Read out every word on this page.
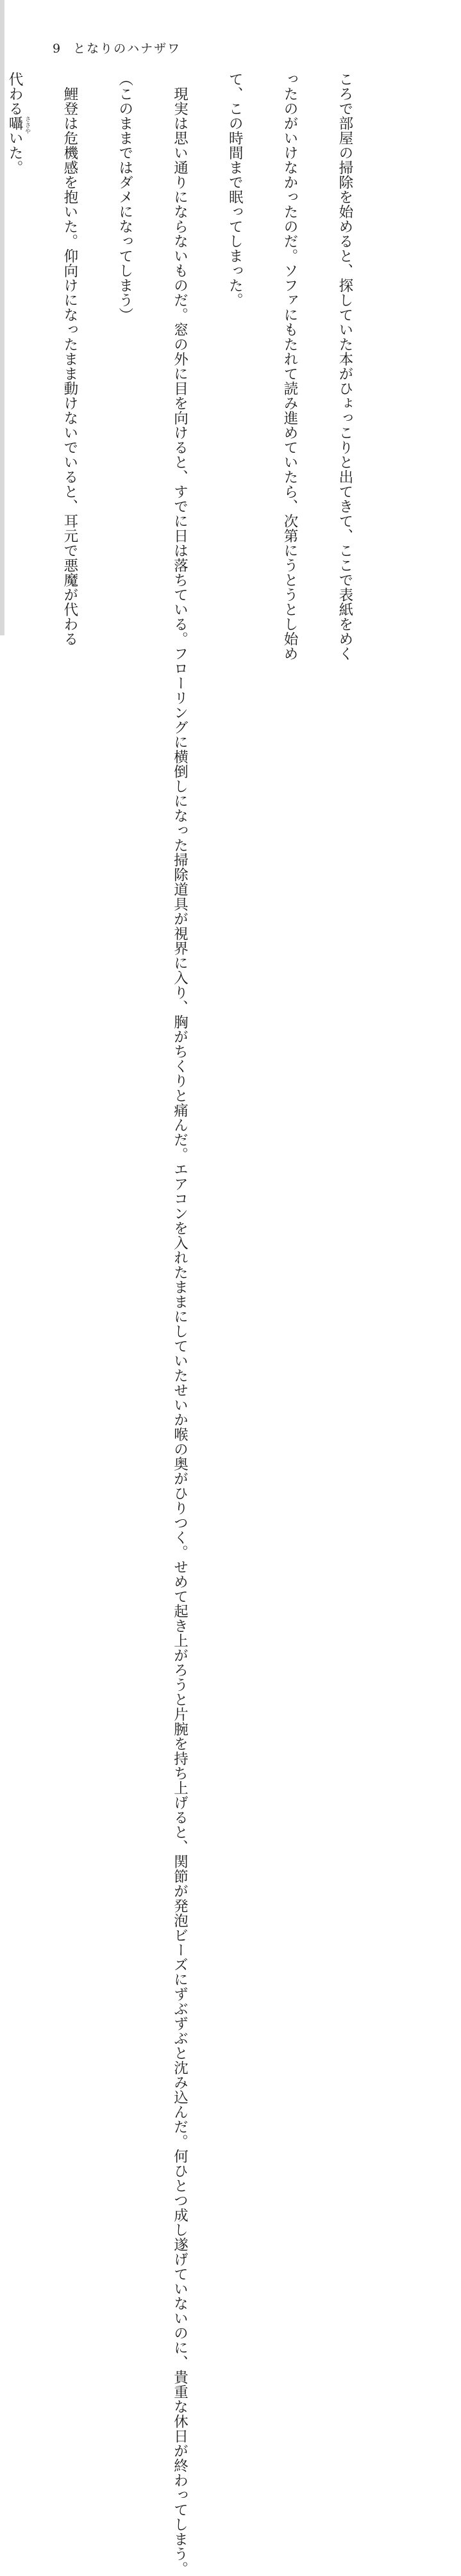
9 となりのハナザワ

ころで部屋の掃除を始めると、探していた本がひょっこりと出てきて、ここで表紙をめく

ったのがいけなかったのだ。ソファにもたれて読み進めていたら、次第にうとうとし始め

て、この時間まで眠ってしまった。

現実は思い通りにならないものだ。窓の外に目を向けると、すでに日は落ちている。フローリングに横倒しになった掃除道具が視界に入り、胸がちくりと痛んだ。エアコンを入れたままにしていたせいか喉の奥がひりつく。せめて起き上がろうと片腕を持ち上げると、関節が発泡ビーズにずぶずぶと沈み込んだ。何ひとつ成し遂げていないのに、貴重な休日が終わってしまう。

（このままではダメになってしまう）

鯉登は危機感を抱いた。仰向けになったまま動けないでいると、耳元で悪魔が代わる

代わる囁 ささや
いた。
